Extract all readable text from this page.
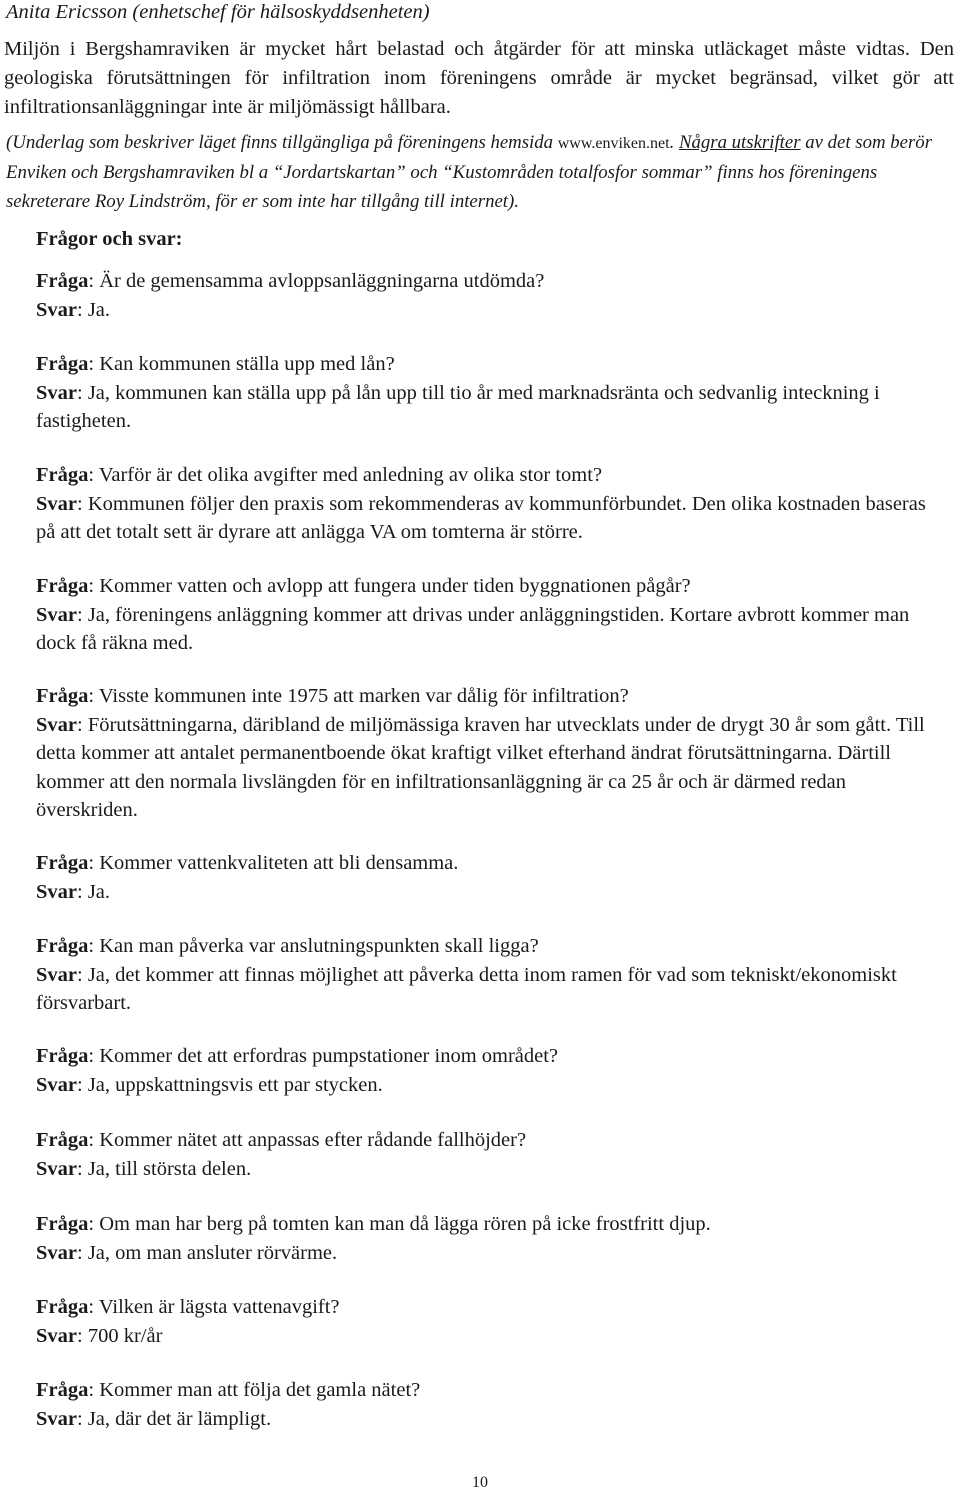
Anita Ericsson (enhetschef för hälsoskyddsenheten)

Miljön i Bergshamraviken är mycket hårt belastad och åtgärder för att minska utläckaget måste vidtas. Den geologiska förutsättningen för infiltration inom föreningens område är mycket begränsad, vilket gör att infiltrationsanläggningar inte är miljömässigt hållbara.

(Underlag som beskriver läget finns tillgängliga på föreningens hemsida www.enviken.net. Några utskrifter av det som berör Enviken och Bergshamraviken bl a “Jordartskartan” och “Kustområden totalfosfor sommar” finns hos föreningens sekreterare Roy Lindström, för er som inte har tillgång till internet).

Frågor och svar:

Fråga: Är de gemensamma avloppsanläggningarna utdömda?

Svar: Ja.

Fråga: Kan kommunen ställa upp med lån?

Svar: Ja, kommunen kan ställa upp på lån upp till tio år med marknadsränta och sedvanlig inteckning i fastigheten.

Fråga: Varför är det olika avgifter med anledning av olika stor tomt?

Svar: Kommunen följer den praxis som rekommenderas av kommunförbundet. Den olika kostnaden baseras på att det totalt sett är dyrare att anlägga VA om tomterna är större.

Fråga: Kommer vatten och avlopp att fungera under tiden byggnationen pågår?

Svar: Ja, föreningens anläggning kommer att drivas under anläggningstiden. Kortare avbrott kommer man dock få räkna med.

Fråga: Visste kommunen inte 1975 att marken var dålig för infiltration?

Svar: Förutsättningarna, däribland de miljömässiga kraven har utvecklats under de drygt 30 år som gått. Till detta kommer att antalet permanentboende ökat kraftigt vilket efterhand ändrat förutsättningarna. Därtill kommer att den normala livslängden för en infiltrationsanläggning är ca 25 år och är därmed redan överskriden.

Fråga: Kommer vattenkvaliteten att bli densamma.

Svar: Ja.

Fråga: Kan man påverka var anslutningspunkten skall ligga?

Svar: Ja, det kommer att finnas möjlighet att påverka detta inom ramen för vad som tekniskt/ekonomiskt försvarbart.

Fråga: Kommer det att erfordras pumpstationer inom området?

Svar: Ja, uppskattningsvis ett par stycken.

Fråga: Kommer nätet att anpassas efter rådande fallhöjder?

Svar: Ja, till största delen.

Fråga: Om man har berg på tomten kan man då lägga rören på icke frostfritt djup.

Svar: Ja, om man ansluter rörvärme.

Fråga: Vilken är lägsta vattenavgift?

Svar: 700 kr/år

Fråga: Kommer man att följa det gamla nätet?

Svar: Ja, där det är lämpligt.

10
